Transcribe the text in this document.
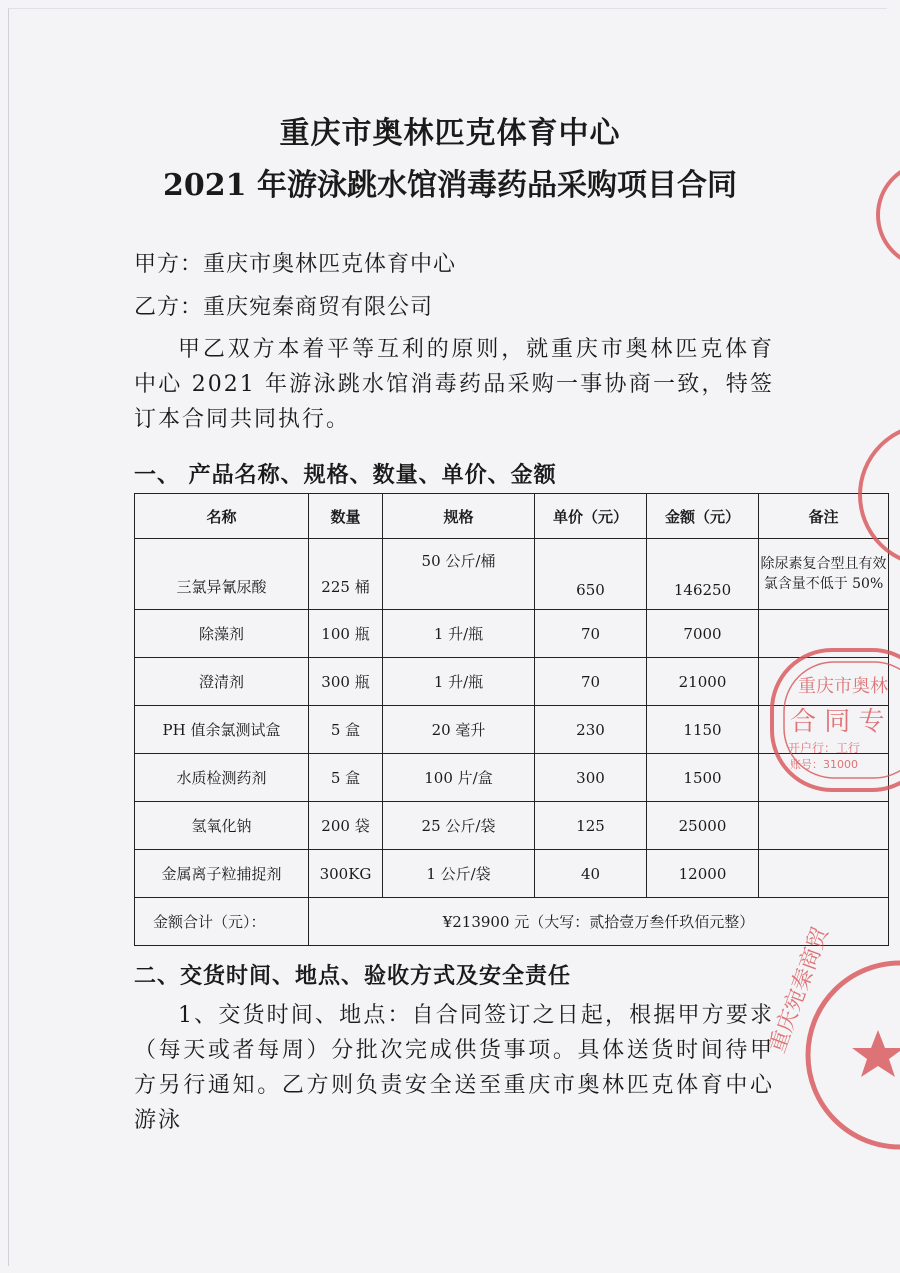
重庆市奥林匹克体育中心
2021 年游泳跳水馆消毒药品采购项目合同
甲方：重庆市奥林匹克体育中心
乙方：重庆宛秦商贸有限公司
甲乙双方本着平等互利的原则，就重庆市奥林匹克体育中心 2021 年游泳跳水馆消毒药品采购一事协商一致，特签订本合同共同执行。
一、 产品名称、规格、数量、单价、金额
名称	数量	规格	单价（元）	金额（元）	备注

三氯异氰尿酸	225 桶	50 公斤/桶	650	146250	除尿素复合型且有效氯含量不低于 50%
除藻剂	100 瓶	1 升/瓶	70	7000	
澄清剂	300 瓶	1 升/瓶	70	21000	
PH 值余氯测试盒	5 盒	20 毫升	230	1150	
水质检测药剂	5 盒	100 片/盒	300	1500	
氢氧化钠	200 袋	25 公斤/袋	125	25000	
金属离子粒捕捉剂	300KG	1 公斤/袋	40	12000	
金额合计（元）：	¥213900 元（大写：贰拾壹万叁仟玖佰元整）				
二、交货时间、地点、验收方式及安全责任
1、交货时间、地点：自合同签订之日起，根据甲方要求（每天或者每周）分批次完成供货事项。具体送货时间待甲方另行通知。乙方则负责安全送至重庆市奥林匹克体育中心游泳
重庆市奥林
合 同 专
开户行：工行
账号：31000
重庆宛秦商贸
